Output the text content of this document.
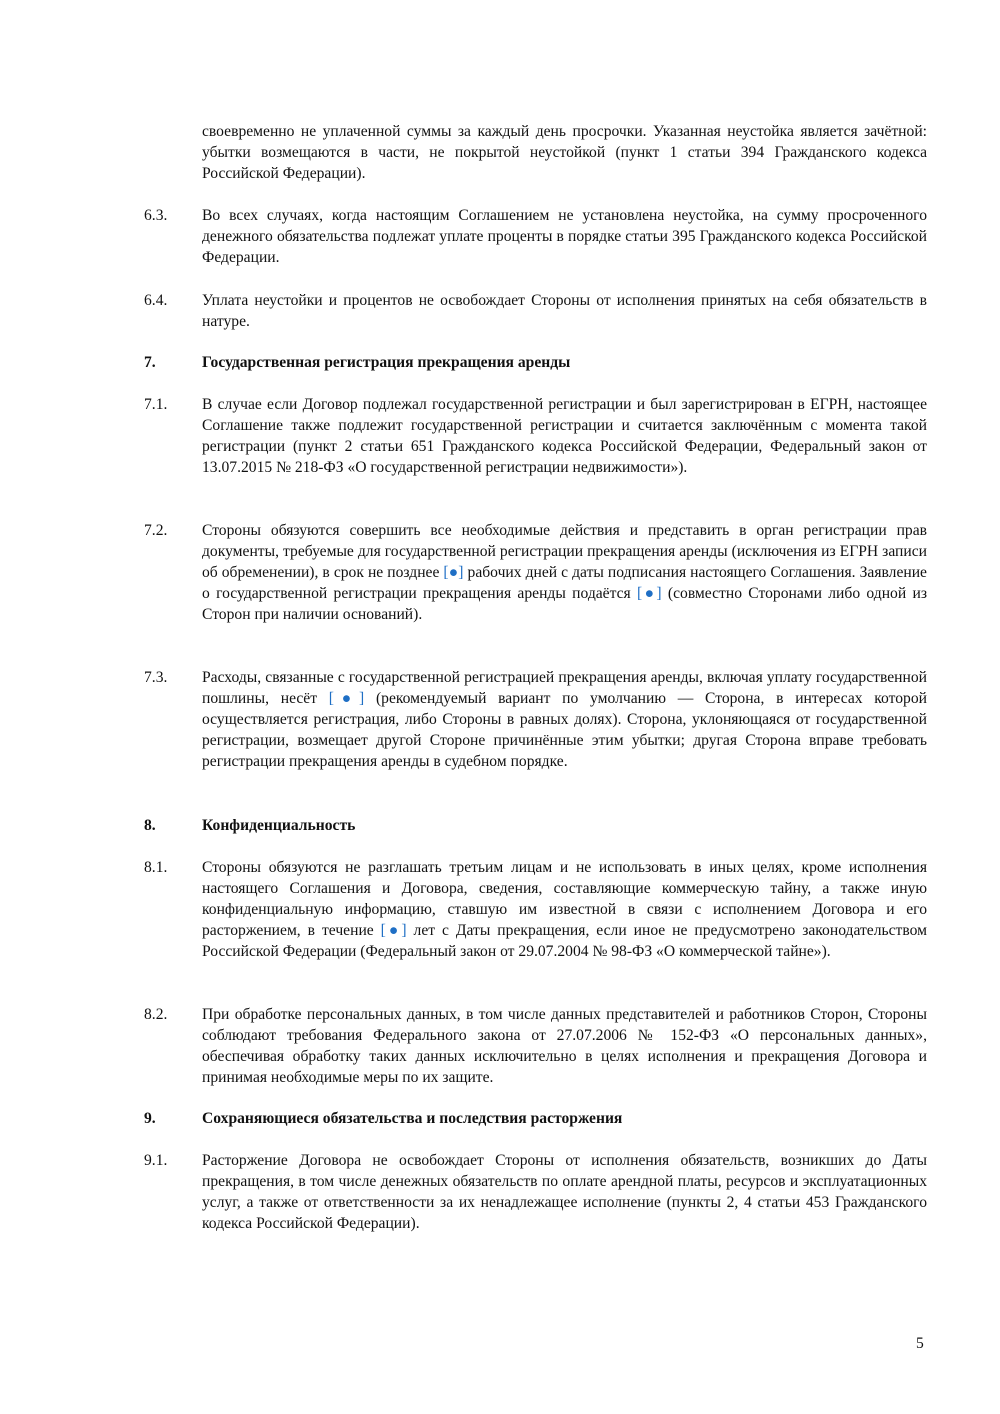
своевременно не уплаченной суммы за каждый день просрочки. Указанная неустойка является зачётной: убытки возмещаются в части, не покрытой неустойкой (пункт 1 статьи 394 Гражданского кодекса Российской Федерации).

6.3. Во всех случаях, когда настоящим Соглашением не установлена неустойка, на сумму просроченного денежного обязательства подлежат уплате проценты в порядке статьи 395 Гражданского кодекса Российской Федерации.

6.4. Уплата неустойки и процентов не освобождает Стороны от исполнения принятых на себя обязательств в натуре.

7.	Государственная регистрация прекращения аренды

7.1. В случае если Договор подлежал государственной регистрации и был зарегистрирован в ЕГРН, настоящее Соглашение также подлежит государственной регистрации и считается заключённым с момента такой регистрации (пункт 2 статьи 651 Гражданского кодекса Российской Федерации, Федеральный закон от 13.07.2015 № 218-ФЗ «О государственной регистрации недвижимости»).

7.2. Стороны обязуются совершить все необходимые действия и представить в орган регистрации прав документы, требуемые для государственной регистрации прекращения аренды (исключения из ЕГРН записи об обременении), в срок не позднее [●] рабочих дней с даты подписания настоящего Соглашения. Заявление о государственной регистрации прекращения аренды подаётся [●] (совместно Сторонами либо одной из Сторон при наличии оснований).

7.3. Расходы, связанные с государственной регистрацией прекращения аренды, включая уплату государственной пошлины, несёт [●] (рекомендуемый вариант по умолчанию — Сторона, в интересах которой осуществляется регистрация, либо Стороны в равных долях). Сторона, уклоняющаяся от государственной регистрации, возмещает другой Стороне причинённые этим убытки; другая Сторона вправе требовать регистрации прекращения аренды в судебном порядке.

8.	Конфиденциальность

8.1. Стороны обязуются не разглашать третьим лицам и не использовать в иных целях, кроме исполнения настоящего Соглашения и Договора, сведения, составляющие коммерческую тайну, а также иную конфиденциальную информацию, ставшую им известной в связи с исполнением Договора и его расторжением, в течение [●] лет с Даты прекращения, если иное не предусмотрено законодательством Российской Федерации (Федеральный закон от 29.07.2004 № 98-ФЗ «О коммерческой тайне»).

8.2. При обработке персональных данных, в том числе данных представителей и работников Сторон, Стороны соблюдают требования Федерального закона от 27.07.2006 № 152-ФЗ «О персональных данных», обеспечивая обработку таких данных исключительно в целях исполнения и прекращения Договора и принимая необходимые меры по их защите.

9.	Сохраняющиеся обязательства и последствия расторжения

9.1. Расторжение Договора не освобождает Стороны от исполнения обязательств, возникших до Даты прекращения, в том числе денежных обязательств по оплате арендной платы, ресурсов и эксплуатационных услуг, а также от ответственности за их ненадлежащее исполнение (пункты 2, 4 статьи 453 Гражданского кодекса Российской Федерации).

5
